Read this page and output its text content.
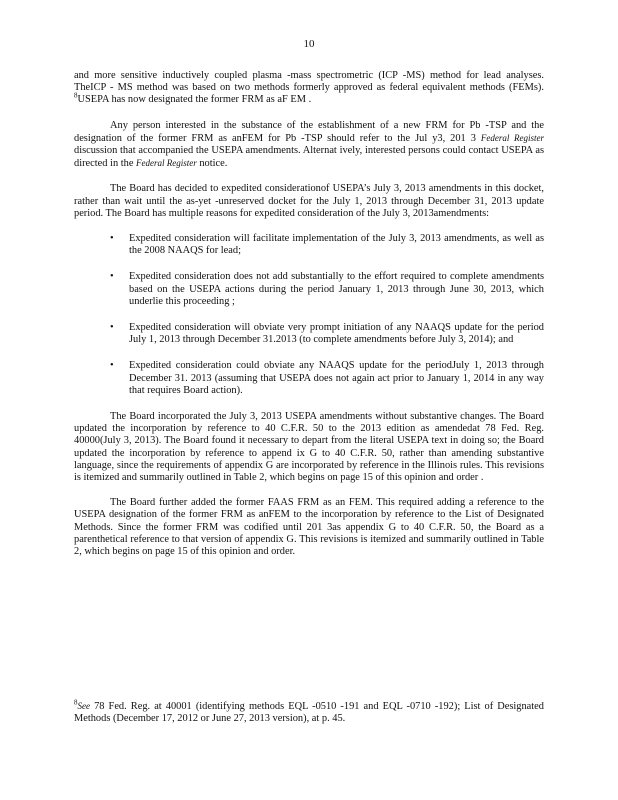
10

and more sensitive inductively coupled plasma -mass spectrometric (ICP -MS) method for lead analyses. TheICP - MS method was based on two methods formerly approved as federal equivalent methods (FEMs). $^8$USEPA has now designated the former FRM as aF EM .

Any person interested in the substance of the establishment of a new FRM for Pb -TSP and the designation of the former FRM as anFEM for Pb -TSP should refer to the Jul y3, 201 3 Federal Register discussion that accompanied the USEPA amendments. Alternat ively, interested persons could contact USEPA as directed in the Federal Register notice.

The Board has decided to expedited considerationof USEPA’s July 3, 2013 amendments in this docket, rather than wait until the as-yet -unreserved docket for the July 1, 2013 through December 31, 2013 update period. The Board has multiple reasons for expedited consideration of the July 3, 2013amendments:

• Expedited consideration will facilitate implementation of the July 3, 2013 amendments, as well as the 2008 NAAQS for lead;
• Expedited consideration does not add substantially to the effort required to complete amendments based on the USEPA actions during the period January 1, 2013 through June 30, 2013, which underlie this proceeding ;
• Expedited consideration will obviate very prompt initiation of any NAAQS update for the period July 1, 2013 through December 31.2013 (to complete amendments before July 3, 2014); and
• Expedited consideration could obviate any NAAQS update for the periodJuly 1, 2013 through December 31. 2013 (assuming that USEPA does not again act prior to January 1, 2014 in any way that requires Board action).

The Board incorporated the July 3, 2013 USEPA amendments without substantive changes. The Board updated the incorporation by reference to 40 C.F.R. 50 to the 2013 edition as amendedat 78 Fed. Reg. 40000(July 3, 2013). The Board found it necessary to depart from the literal USEPA text in doing so; the Board updated the incorporation by reference to append ix G to 40 C.F.R. 50, rather than amending substantive language, since the requirements of appendix G are incorporated by reference in the Illinois rules. This revisions is itemized and summarily outlined in Table 2, which begins on page 15 of this opinion and order .

The Board further added the former FAAS FRM as an FEM. This required adding a reference to the USEPA designation of the former FRM as anFEM to the incorporation by reference to the List of Designated Methods. Since the former FRM was codified until 201 3as appendix G to 40 C.F.R. 50, the Board as a parenthetical reference to that version of appendix G. This revisions is itemized and summarily outlined in Table 2, which begins on page 15 of this opinion and order.

$^8$See 78 Fed. Reg. at 40001 (identifying methods EQL -0510 -191 and EQL -0710 -192); List of Designated Methods (December 17, 2012 or June 27, 2013 version), at p. 45.
